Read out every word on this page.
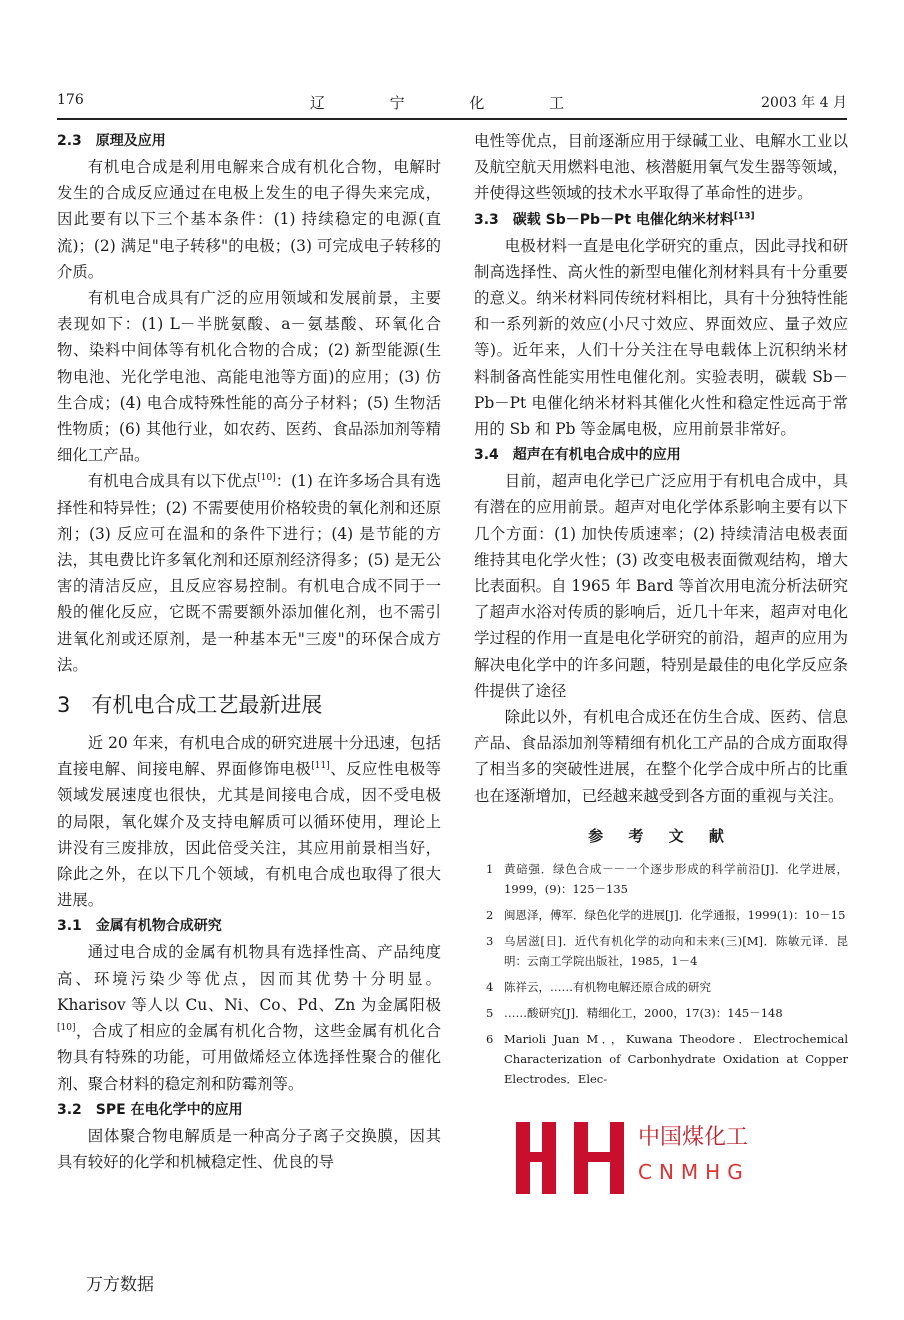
176	辽 宁 化 工	2003 年 4 月
2.3　原理及应用

有机电合成是利用电解来合成有机化合物，电解时发生的合成反应通过在电极上发生的电子得失来完成，因此要有以下三个基本条件：(1) 持续稳定的电源(直流)；(2) 满足"电子转移"的电极；(3) 可完成电子转移的介质。

有机电合成具有广泛的应用领域和发展前景，主要表现如下：(1) L－半胱氨酸、a－氨基酸、环氧化合物、染料中间体等有机化合物的合成；(2) 新型能源(生物电池、光化学电池、高能电池等方面)的应用；(3) 仿生合成；(4) 电合成特殊性能的高分子材料；(5) 生物活性物质；(6) 其他行业，如农药、医药、食品添加剂等精细化工产品。

有机电合成具有以下优点[10]：(1) 在许多场合具有选择性和特异性；(2) 不需要使用价格较贵的氧化剂和还原剂；(3) 反应可在温和的条件下进行；(4) 是节能的方法，其电费比许多氧化剂和还原剂经济得多；(5) 是无公害的清洁反应，且反应容易控制。有机电合成不同于一般的催化反应，它既不需要额外添加催化剂，也不需引进氧化剂或还原剂，是一种基本无"三废"的环保合成方法。

3　有机电合成工艺最新进展

近 20 年来，有机电合成的研究进展十分迅速，包括直接电解、间接电解、界面修饰电极[11]、反应性电极等领域发展速度也很快，尤其是间接电合成，因不受电极的局限，氧化媒介及支持电解质可以循环使用，理论上讲没有三废排放，因此倍受关注，其应用前景相当好，除此之外，在以下几个领域，有机电合成也取得了很大进展。

3.1　金属有机物合成研究

通过电合成的金属有机物具有选择性高、产品纯度高、环境污染少等优点，因而其优势十分明显。Kharisov 等人以 Cu、Ni、Co、Pd、Zn 为金属阳极[10]，合成了相应的金属有机化合物，这些金属有机化合物具有特殊的功能，可用做烯烃立体选择性聚合的催化剂、聚合材料的稳定剂和防霉剂等。

3.2　SPE 在电化学中的应用

固体聚合物电解质是一种高分子离子交换膜，因其具有较好的化学和机械稳定性、优良的导

电性等优点，目前逐渐应用于绿碱工业、电解水工业以及航空航天用燃料电池、核潜艇用氧气发生器等领域，并使得这些领域的技术水平取得了革命性的进步。

3.3　碳载 Sb－Pb－Pt 电催化纳米材料[13]

电极材料一直是电化学研究的重点，因此寻找和研制高选择性、高火性的新型电催化剂材料具有十分重要的意义。纳米材料同传统材料相比，具有十分独特性能和一系列新的效应(小尺寸效应、界面效应、量子效应等)。近年来，人们十分关注在导电载体上沉积纳米材料制备高性能实用性电催化剂。实验表明，碳载 Sb－Pb－Pt 电催化纳米材料其催化火性和稳定性远高于常用的 Sb 和 Pb 等金属电极，应用前景非常好。

3.4　超声在有机电合成中的应用

目前，超声电化学已广泛应用于有机电合成中，具有潜在的应用前景。超声对电化学体系影响主要有以下几个方面：(1) 加快传质速率；(2) 持续清洁电极表面维持其电化学火性；(3) 改变电极表面微观结构，增大比表面积。自 1965 年 Bard 等首次用电流分析法研究了超声水浴对传质的影响后，近几十年来，超声对电化学过程的作用一直是电化学研究的前沿，超声的应用为解决电化学中的许多问题，特别是最佳的电化学反应条件提供了途径

除此以外，有机电合成还在仿生合成、医药、信息产品、食品添加剂等精细有机化工产品的合成方面取得了相当多的突破性进展，在整个化学合成中所占的比重也在逐渐增加，已经越来越受到各方面的重视与关注。

参 考 文 献
1 黄碚强．绿色合成－－一个逐步形成的科学前沿[J]．化学进展，1999，(9)：125－135
2 闽恩泽，傅军．绿色化学的进展[J]．化学通报，1999(1)：10－15
3 乌居滋[日]．近代有机化学的动向和未来(三)[M]．陈敏元译．昆明：云南工学院出版社，1985，1－4
4 陈祥云，……有机物电解还原合成的研究
5 ……酸研究[J]．精细化工，2000，17(3)：145－148
6 Marioli Juan M．，Kuwana Theodore．Electrochemical Characterization of Carbonhydrate Oxidation at Copper Electrodes．Elec-
中国煤化工
CNMHG
万方数据
